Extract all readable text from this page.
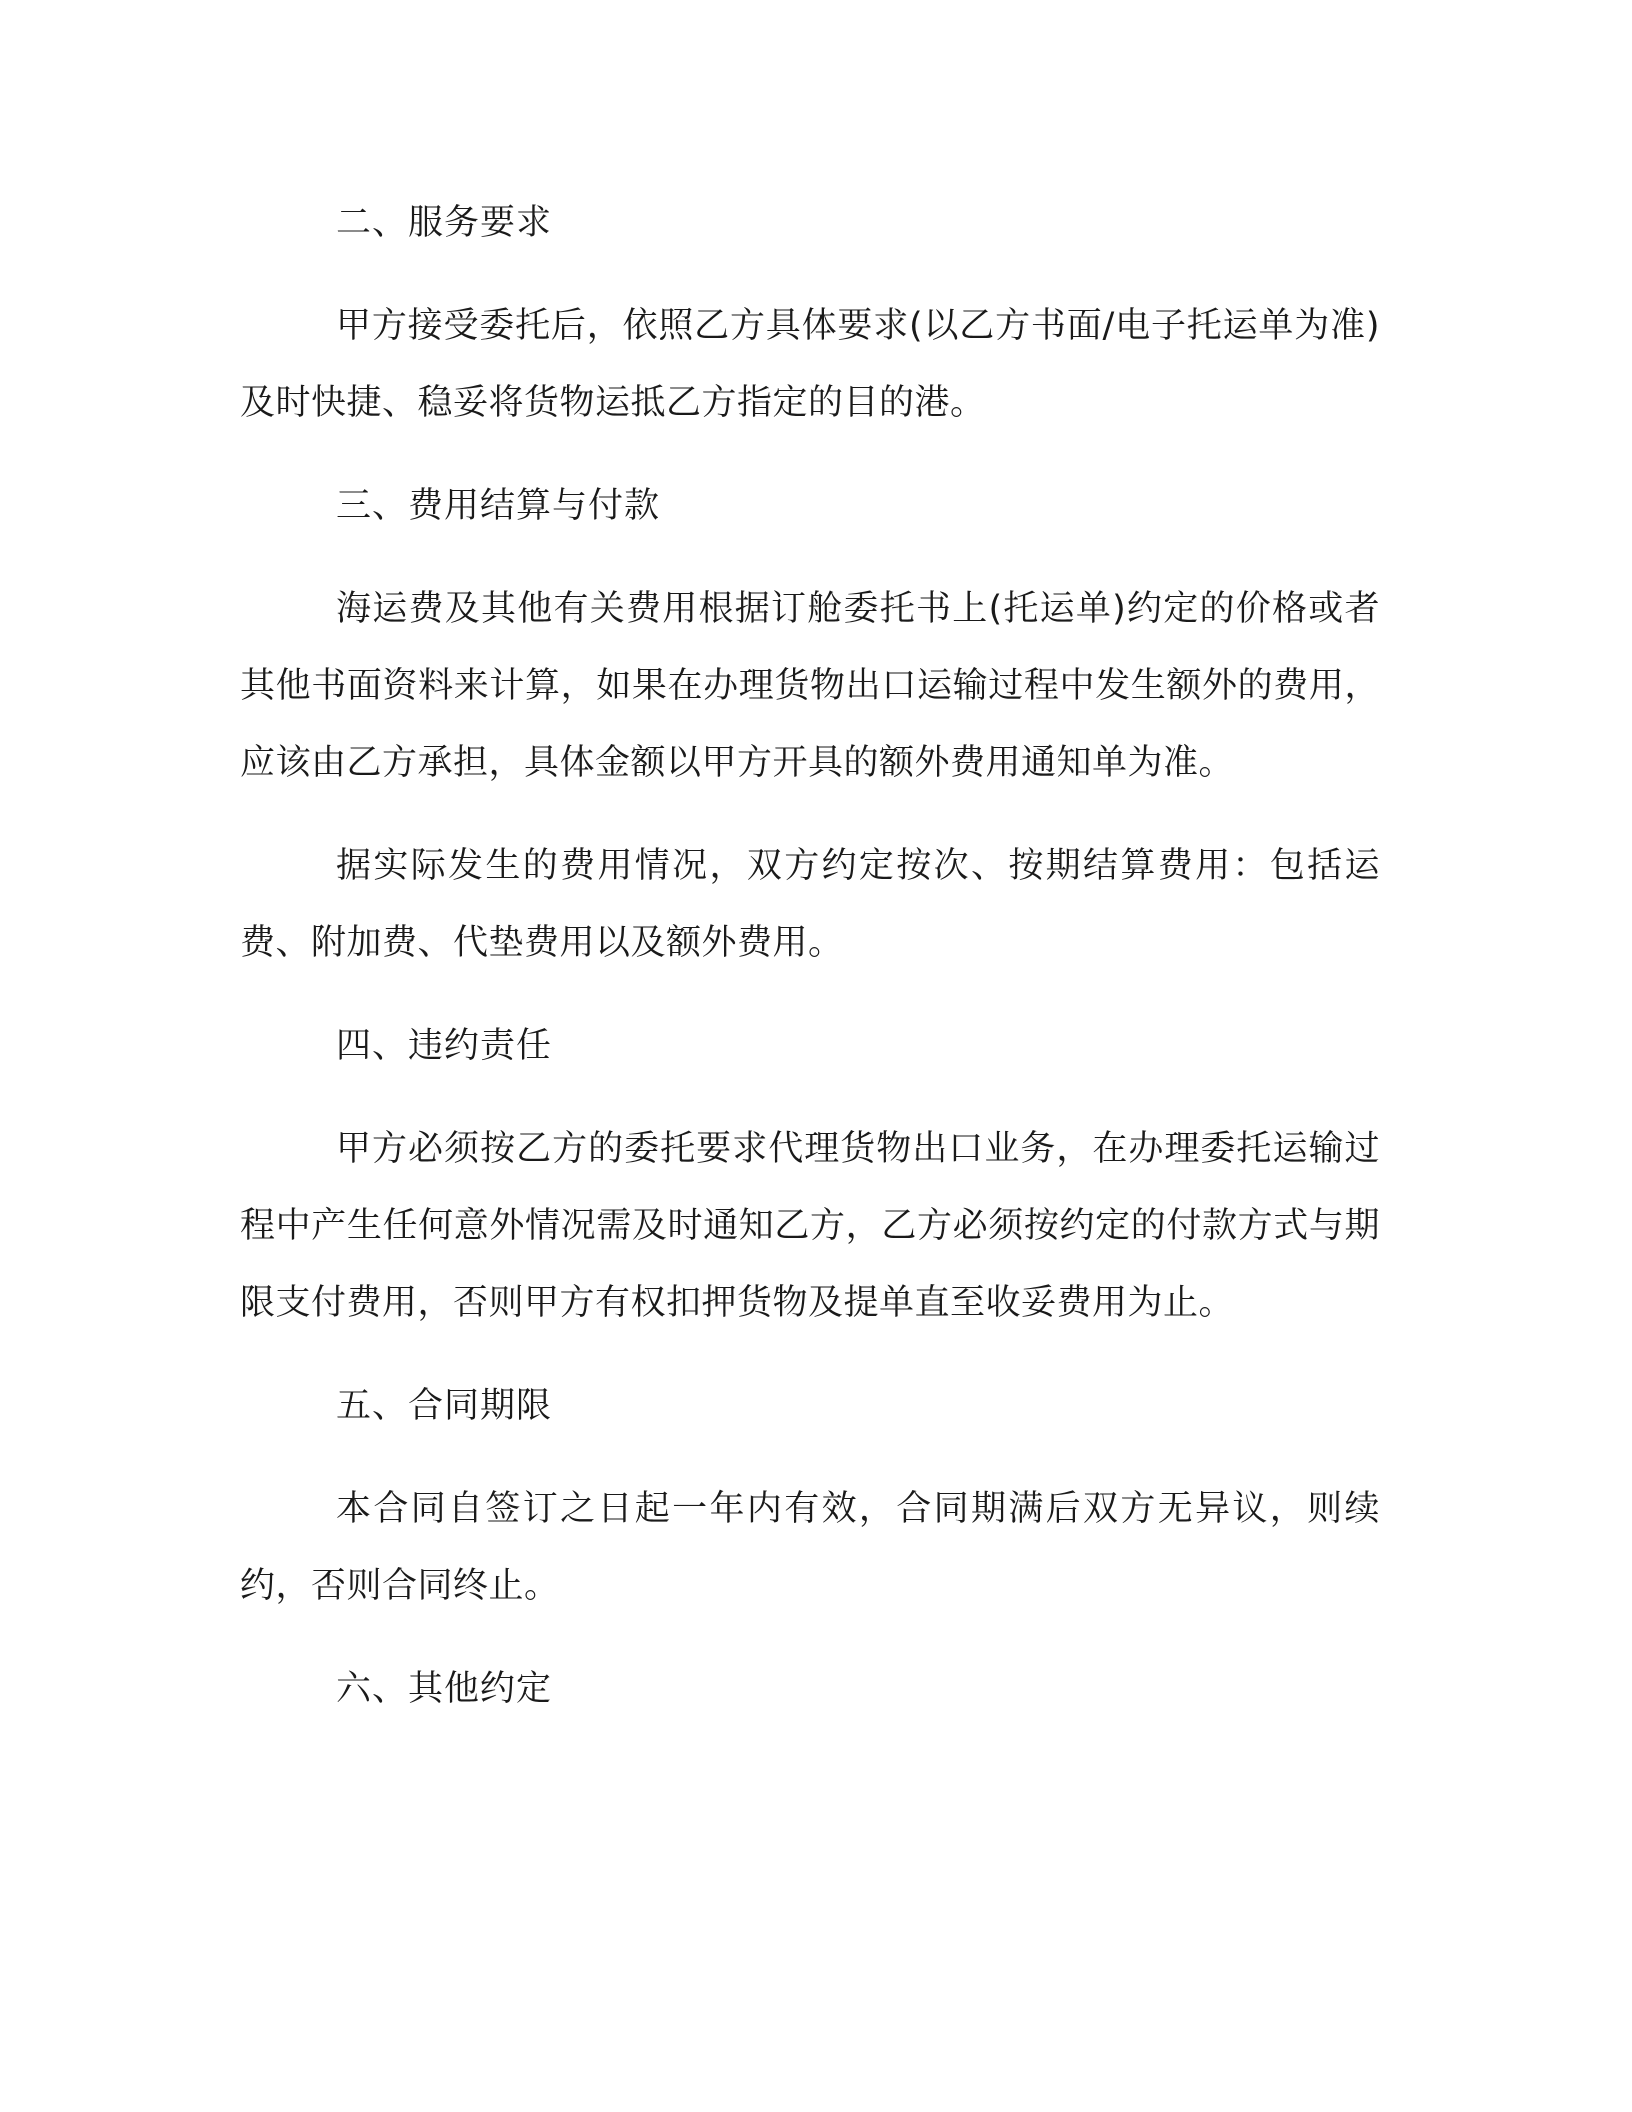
二、服务要求
甲方接受委托后，依照乙方具体要求(以乙方书面/电子托运单为准)及时快捷、稳妥将货物运抵乙方指定的目的港。
三、费用结算与付款
海运费及其他有关费用根据订舱委托书上(托运单)约定的价格或者其他书面资料来计算，如果在办理货物出口运输过程中发生额外的费用，应该由乙方承担，具体金额以甲方开具的额外费用通知单为准。
据实际发生的费用情况，双方约定按次、按期结算费用：包括运费、附加费、代垫费用以及额外费用。
四、违约责任
甲方必须按乙方的委托要求代理货物出口业务，在办理委托运输过程中产生任何意外情况需及时通知乙方，乙方必须按约定的付款方式与期限支付费用，否则甲方有权扣押货物及提单直至收妥费用为止。
五、合同期限
本合同自签订之日起一年内有效，合同期满后双方无异议，则续约，否则合同终止。
六、其他约定
